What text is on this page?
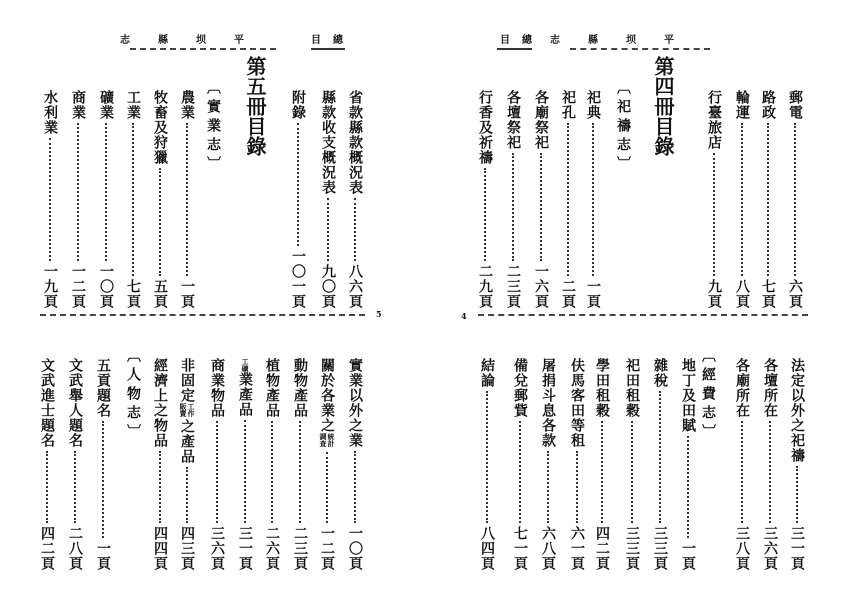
平坝縣志	總
目
省款縣款概況表
八六頁
縣款收支概況表
九〇頁
附錄
一〇一頁
第五冊目錄
〔實業志〕
農業
一頁
牧畜及狩獵
五頁
工業
七頁
礦業
一〇頁
商業
一二頁
水利業
一九頁
5
實業以外之業
一〇頁
關於各業之
統計調查
一二頁
動物產品
二三頁
植物產品
二六頁
工礦
業產品
三一頁
商業物品
三六頁
非固定
工作販賣
之產品
四三頁
經濟上之物品
四四頁
〔人物志〕
五貢題名
一頁
文武舉人題名
二八頁
文武進士題名
四二頁
總
目	平坝縣志
郵電
六頁
路政
七頁
輪運
八頁
行臺旅店
九頁
第四冊目錄
〔祀禱志〕
祀典
一頁
祀孔
二頁
各廟祭祀
一六頁
各壇祭祀
二三頁
行香及祈禱
二九頁
4
法定以外之祀禱
三一頁
各壇所在
三六頁
各廟所在
三八頁
〔經費志〕
地丁及田賦
一頁
雜稅
三三頁
祀田租穀
三三頁
學田租穀
四二頁
伕馬客田等租
六一頁
屠捐斗息各款
六八頁
備兌郵貲
七一頁
結論
八四頁
